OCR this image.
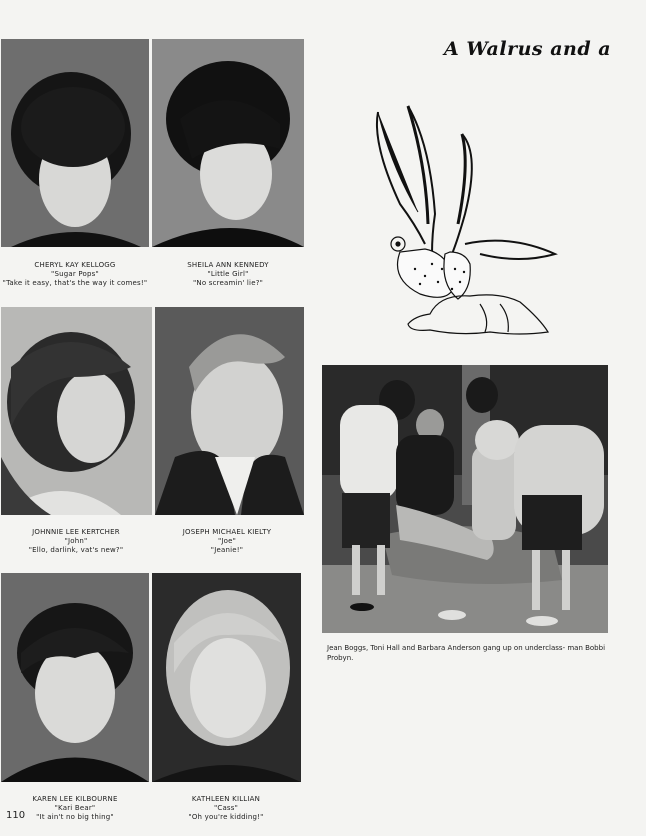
A Walrus and a
CHERYL KAY KELLOGG
"Sugar Pops"
"Take it easy, that's the way it comes!"
SHEILA ANN KENNEDY
"Little Girl"
"No screamin' lie?"
JOHNNIE LEE KERTCHER
"John"
"Ello, darlink, vat's new?"
JOSEPH MICHAEL KIELTY
"Joe"
"Jeanie!"
KAREN LEE KILBOURNE
"Kari Bear"
"It ain't no big thing"
KATHLEEN KILLIAN
"Cass"
"Oh you're kidding!"
Jean Boggs, Toni Hall and Barbara Anderson gang up on underclass- man Bobbi Probyn.
110
